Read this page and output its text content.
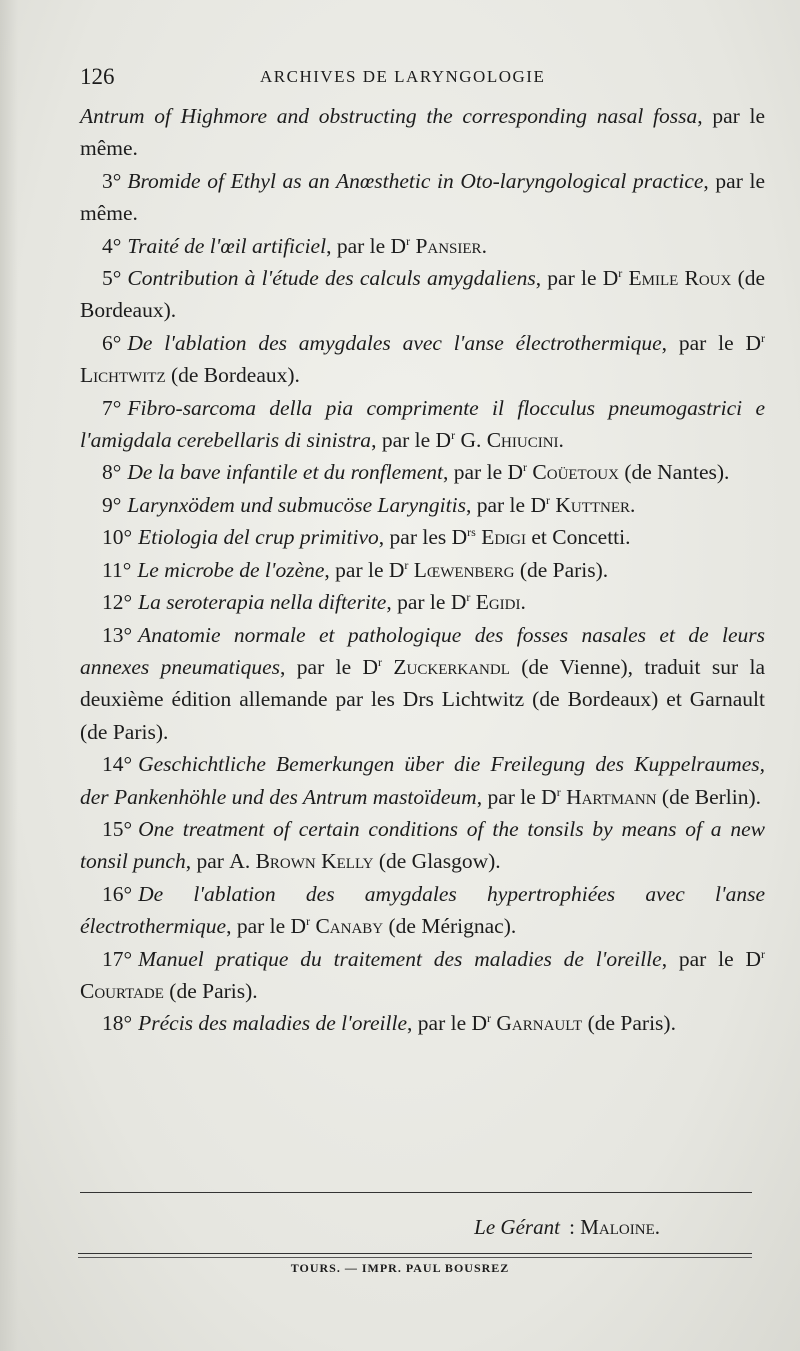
126	ARCHIVES DE LARYNGOLOGIE

Antrum of Highmore and obstructing the corresponding nasal fossa, par le même.

3° Bromide of Ethyl as an Anœsthetic in Oto-laryngological practice, par le même.

4° Traité de l'œil artificiel, par le $D^r$ Pansier.

5° Contribution à l'étude des calculs amygdaliens, par le $D^r$ Emile Roux (de Bordeaux).

6° De l'ablation des amygdales avec l'anse électrothermique, par le $D^r$ Lichtwitz (de Bordeaux).

7° Fibro-sarcoma della pia comprimente il flocculus pneumogastrici e l'amigdala cerebellaris di sinistra, par le $D^r$ G. Chiucini.

8° De la bave infantile et du ronflement, par le $D^r$ Coüetoux (de Nantes).

9° Larynxödem und submucöse Laryngitis, par le $D^r$ Kuttner.

10° Etiologia del crup primitivo, par les $D^{rs}$ Edigi et Concetti.

11° Le microbe de l'ozène, par le $D^r$ Lœwenberg (de Paris).

12° La seroterapia nella difterite, par le $D^r$ Egidi.

13° Anatomie normale et pathologique des fosses nasales et de leurs annexes pneumatiques, par le $D^r$ Zuckerkandl (de Vienne), traduit sur la deuxième édition allemande par les Drs Lichtwitz (de Bordeaux) et Garnault (de Paris).

14° Geschichtliche Bemerkungen über die Freilegung des Kuppelraumes, der Pankenhöhle und des Antrum mastoïdeum, par le $D^r$ Hartmann (de Berlin).

15° One treatment of certain conditions of the tonsils by means of a new tonsil punch, par A. Brown Kelly (de Glasgow).

16° De l'ablation des amygdales hypertrophiées avec l'anse électrothermique, par le $D^r$ Canaby (de Mérignac).

17° Manuel pratique du traitement des maladies de l'oreille, par le $D^r$ Courtade (de Paris).

18° Précis des maladies de l'oreille, par le $D^r$ Garnault (de Paris).

Le Gérant : Maloine.
TOURS. — IMPR. PAUL BOUSREZ
